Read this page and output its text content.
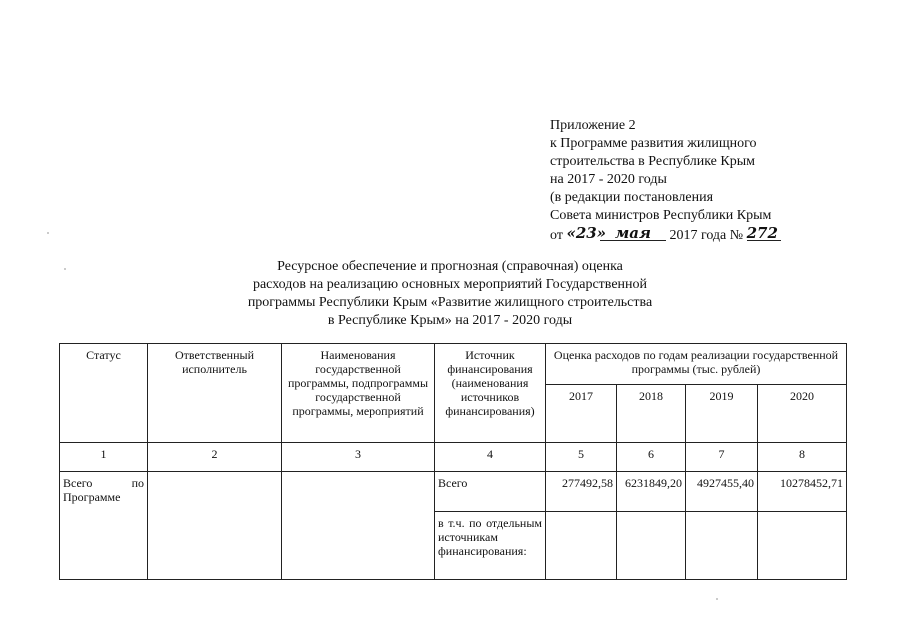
Приложение 2
к Программе развития жилищного
строительства в Республике Крым
на 2017 - 2020 годы
(в редакции постановления
Совета министров Республики Крым
от «23» мая 2017 года № 272
Ресурсное обеспечение и прогнозная (справочная) оценка
расходов на реализацию основных мероприятий Государственной
программы Республики Крым «Развитие жилищного строительства
в Республике Крым» на 2017 - 2020 годы
Статус	Ответственный исполнитель	Наименования государственной программы, подпрограммы государственной программы, мероприятий	Источник финансирования (наименования источников финансирования)	Оценка расходов по годам реализации государственной программы (тыс. рублей)			
				2017	2018	2019	2020
1	2	3	4	5	6	7	8
Всего по Программе			Всего	277492,58	6231849,20	4927455,40	10278452,71
			в т.ч. по отдельным источникам финансирования:				
